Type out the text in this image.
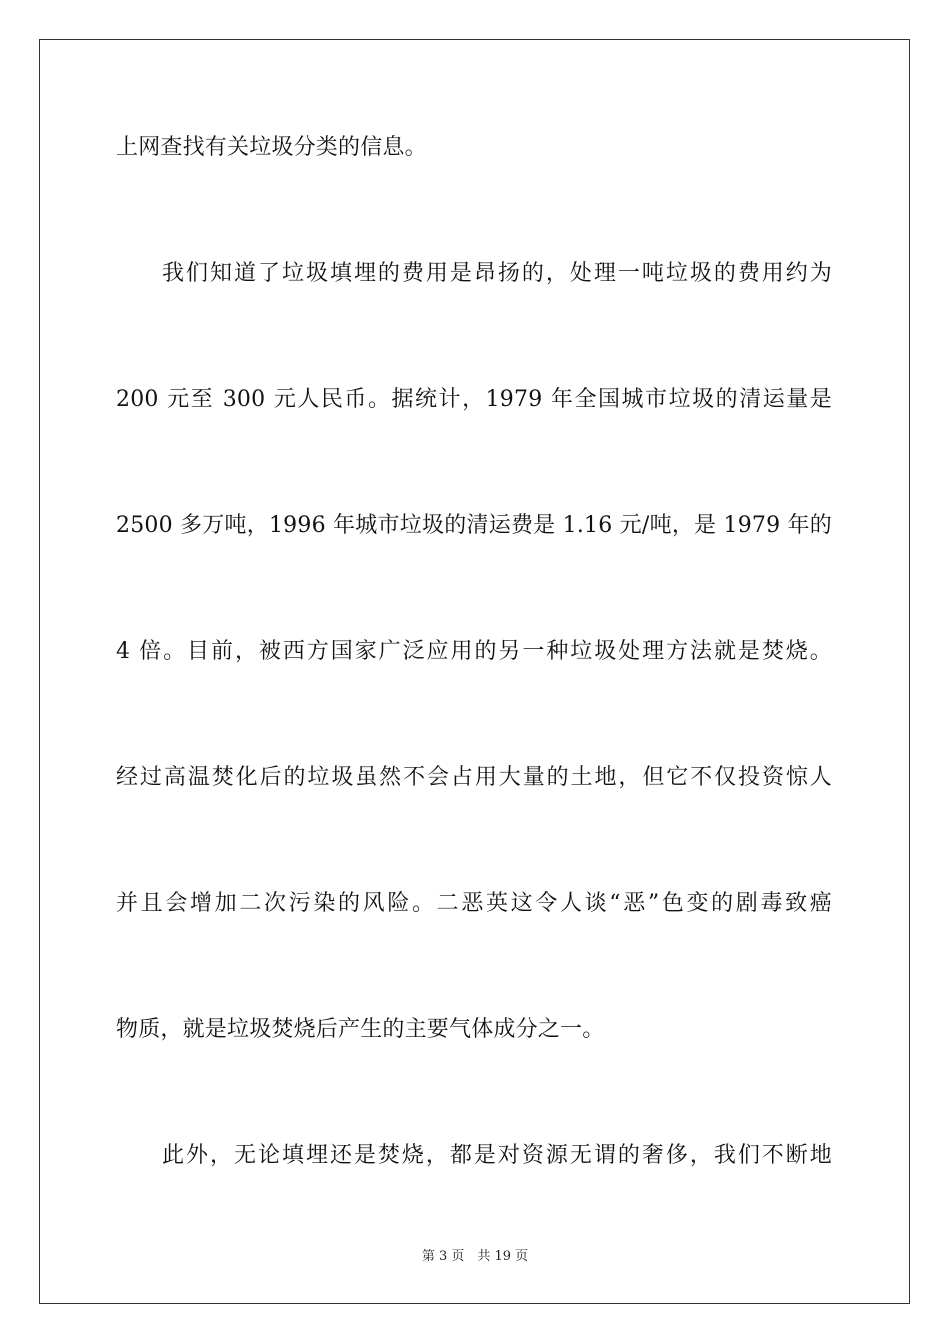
上网查找有关垃圾分类的信息。
我们知道了垃圾填埋的费用是昂扬的，处理一吨垃圾的费用约为
200 元至 300 元人民币。据统计，1979 年全国城市垃圾的清运量是
2500 多万吨，1996 年城市垃圾的清运费是 1.16 元/吨，是 1979 年的
4 倍。目前，被西方国家广泛应用的另一种垃圾处理方法就是焚烧。
经过高温焚化后的垃圾虽然不会占用大量的土地，但它不仅投资惊人
并且会增加二次污染的风险。二恶英这令人谈“恶”色变的剧毒致癌
物质，就是垃圾焚烧后产生的主要气体成分之一。
此外，无论填埋还是焚烧，都是对资源无谓的奢侈，我们不断地
第 3 页　共 19 页
